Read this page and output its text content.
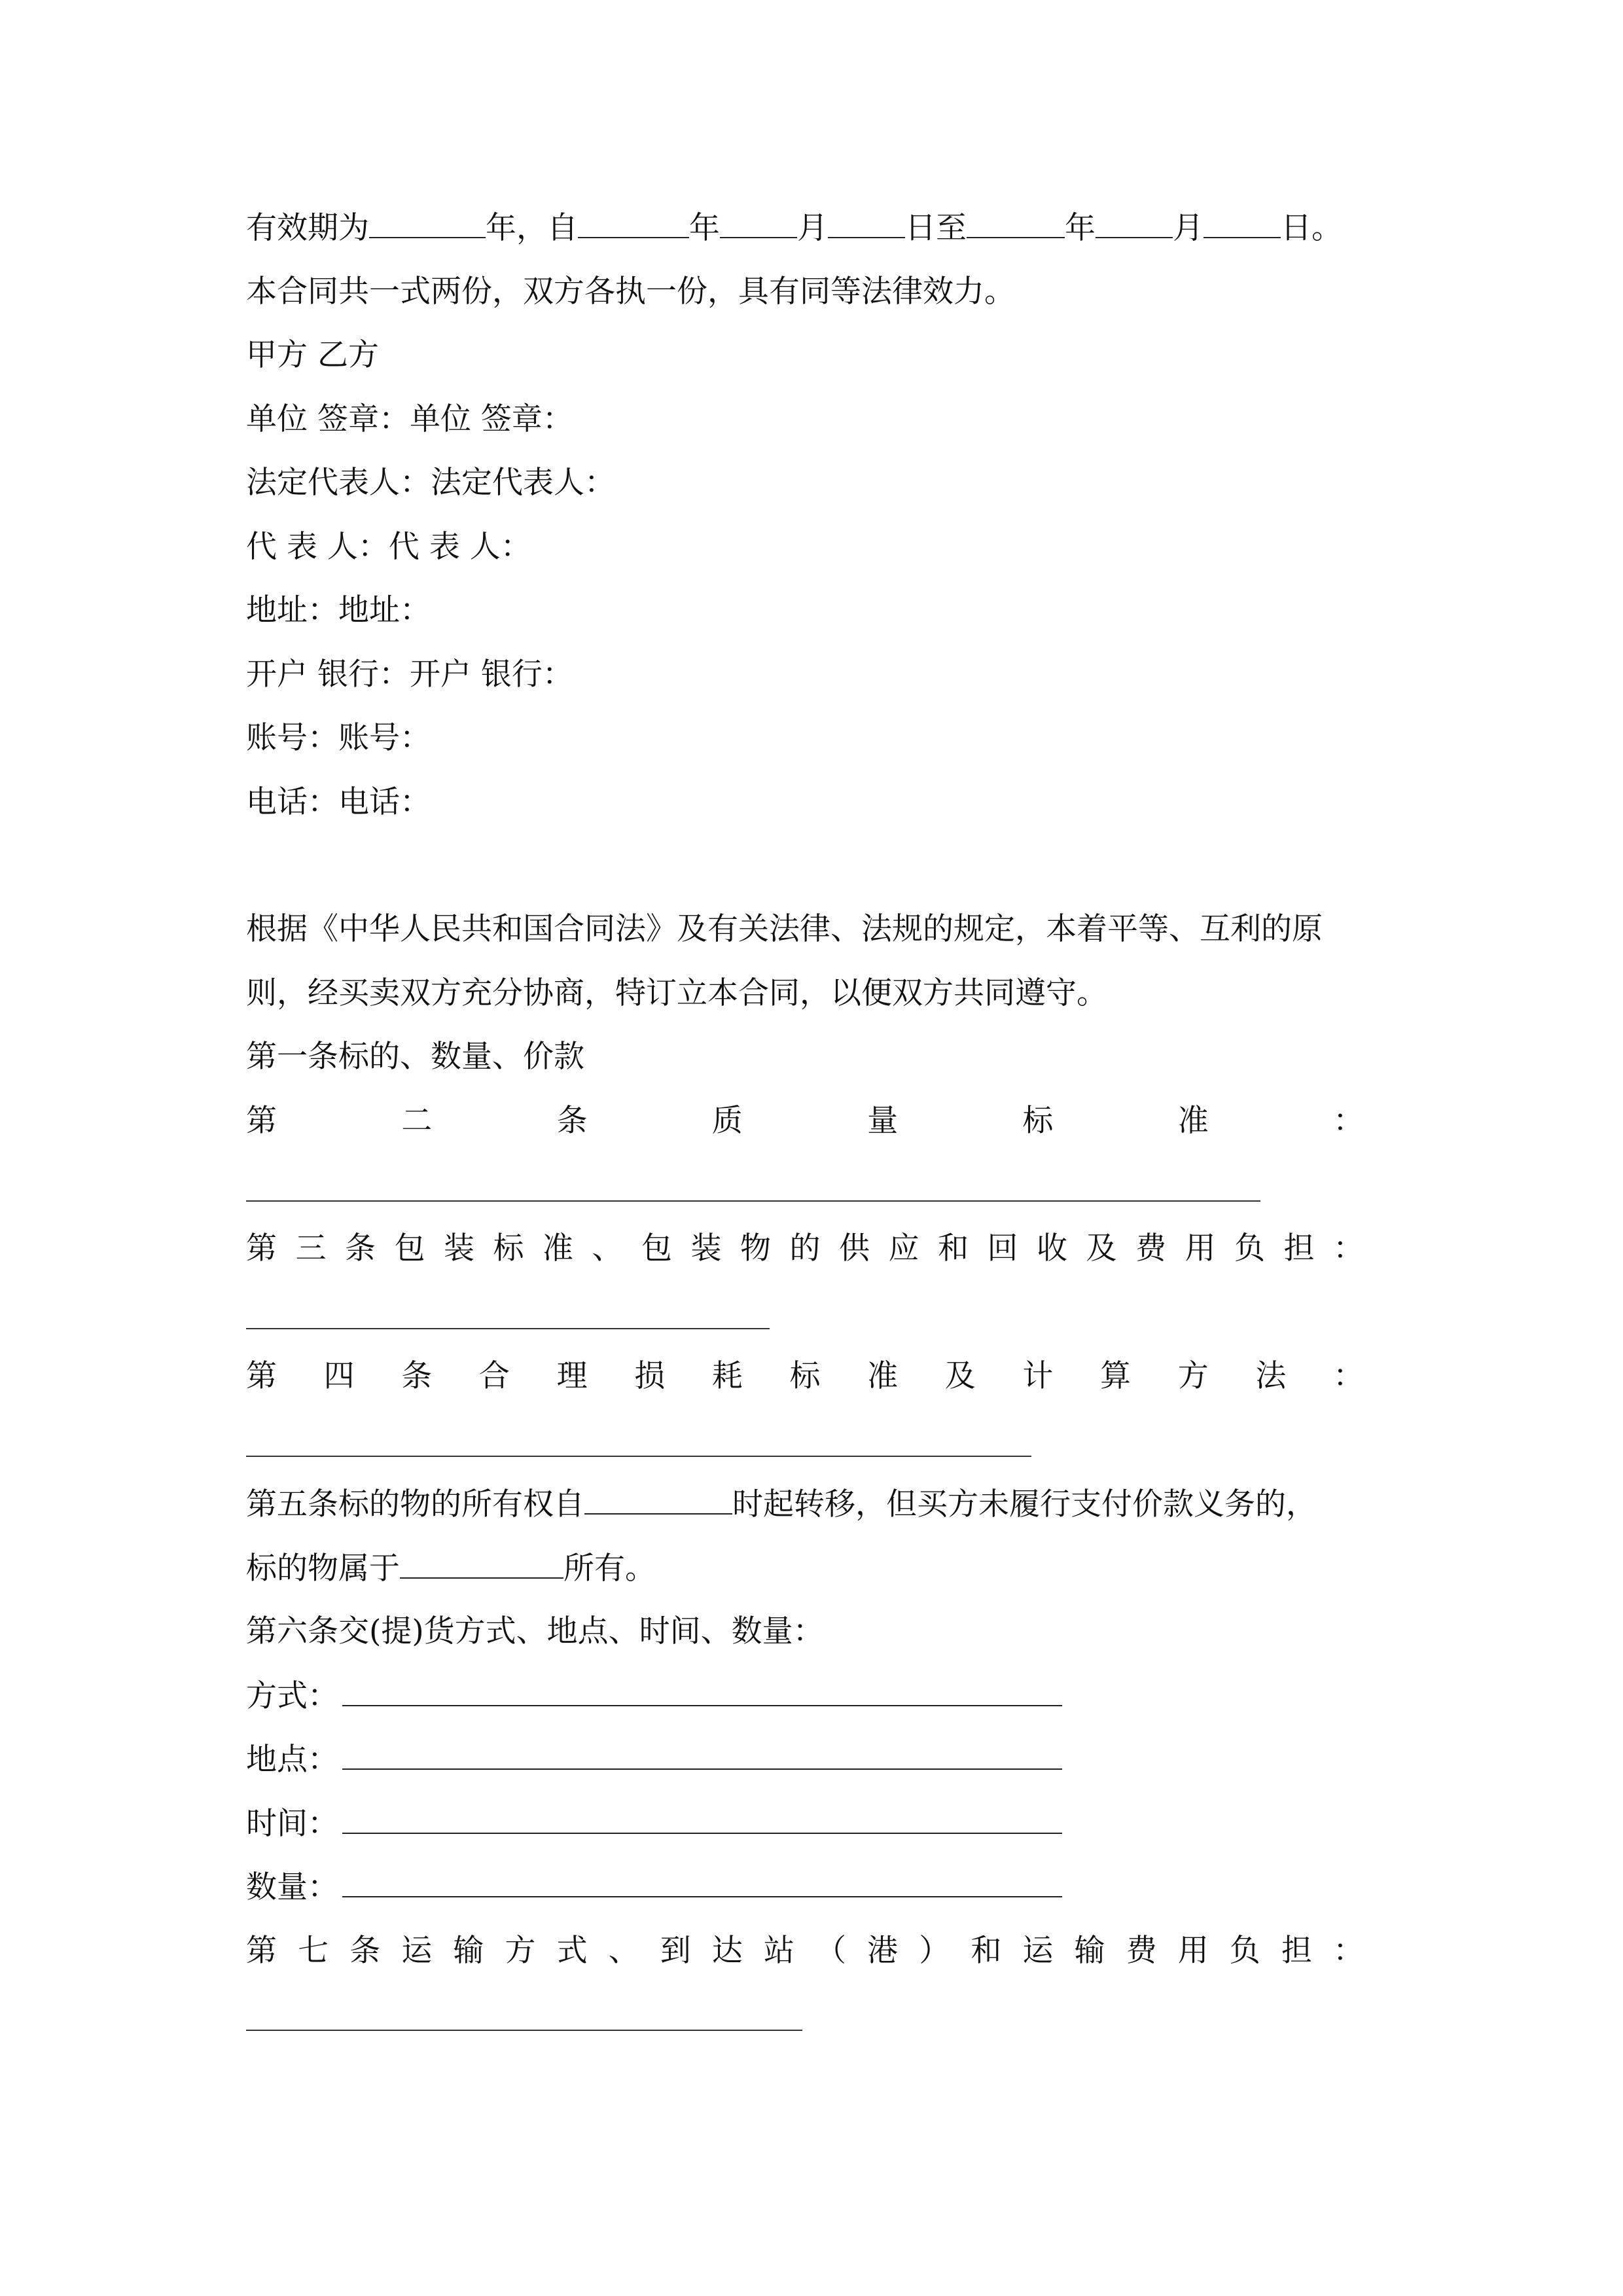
有效期为	年，自	年	月	日至	年	月	日。

本合同共一式两份，双方各执一份，具有同等法律效力。

甲方 乙方

单位 签章：单位 签章：

法定代表人：法定代表人：

代 表 人：代 表 人：

地址：地址：

开户 银行：开户 银行：

账号：账号：

电话：电话：

根据《中华人民共和国合同法》及有关法律、法规的规定，本着平等、互利的原

则，经买卖双方充分协商，特订立本合同，以便双方共同遵守。

第一条标的、数量、价款

第	二	条	质	量	标	准	：
第 三 条 包 装 标 准 、 包 装 物 的 供 应 和 回 收 及 费 用 负 担 ：
第 四 条 合 理 损 耗 标 准 及 计 算 方 法 ：

第五条标的物的所有权自	时起转移，但买方未履行支付价款义务的，

标的物属于	所有。

第六条交(提)货方式、地点、时间、数量：

方式：

地点：

时间：

数量：

第 七 条 运 输 方 式 、 到 达 站 （ 港 ） 和 运 输 费 用 负 担 ：
